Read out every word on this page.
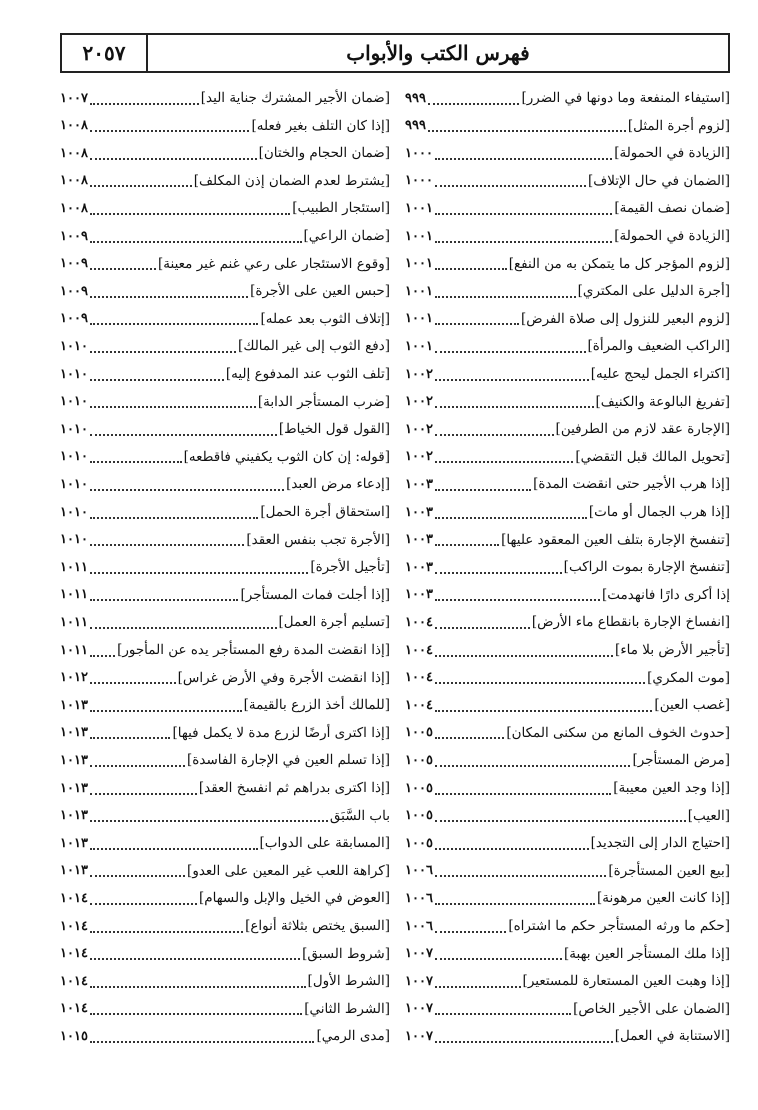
فهرس الكتب والأبواب
٢٠٥٧
[استيفاء المنفعة وما دونها في الضرر]
٩٩٩
[لزوم أجرة المثل]
٩٩٩
[الزيادة في الحمولة]
١٠٠٠
[الضمان في حال الإتلاف]
١٠٠٠
[ضمان نصف القيمة]
١٠٠١
[الزيادة في الحمولة]
١٠٠١
[لزوم المؤجر كل ما يتمكن به من النفع]
١٠٠١
[أجرة الدليل على المكتري]
١٠٠١
[لزوم البعير للنزول إلى صلاة الفرض]
١٠٠١
[الراكب الضعيف والمرأة]
١٠٠١
[اكتراء الجمل ليحج عليه]
١٠٠٢
[تفريغ البالوعة والكنيف]
١٠٠٢
[الإجارة عقد لازم من الطرفين]
١٠٠٢
[تحويل المالك قبل التقضي]
١٠٠٢
[إذا هرب الأجير حتى انقضت المدة]
١٠٠٣
[إذا هرب الجمال أو مات]
١٠٠٣
[تنفسخ الإجارة بتلف العين المعقود عليها]
١٠٠٣
[تنفسخ الإجارة بموت الراكب]
١٠٠٣
إذا أكرى دارًا فانهدمت]
١٠٠٣
[انفساخ الإجارة بانقطاع ماء الأرض]
١٠٠٤
[تأجير الأرض بلا ماء]
١٠٠٤
[موت المكري]
١٠٠٤
[غصب العين]
١٠٠٤
[حدوث الخوف المانع من سكنى المكان]
١٠٠٥
[مرض المستأجر]
١٠٠٥
[إذا وجد العين معيبة]
١٠٠٥
[العيب]
١٠٠٥
[احتياج الدار إلى التجديد]
١٠٠٥
[بيع العين المستأجرة]
١٠٠٦
[إذا كانت العين مرهونة]
١٠٠٦
[حكم ما ورثه المستأجر حكم ما اشتراه]
١٠٠٦
[إذا ملك المستأجر العين بهبة]
١٠٠٧
[إذا وهبت العين المستعارة للمستعير]
١٠٠٧
[الضمان على الأجير الخاص]
١٠٠٧
[الاستنابة في العمل]
١٠٠٧
[ضمان الأجير المشترك جناية اليد]
١٠٠٧
[إذا كان التلف بغير فعله]
١٠٠٨
[ضمان الحجام والختان]
١٠٠٨
[يشترط لعدم الضمان إذن المكلف]
١٠٠٨
[استئجار الطبيب]
١٠٠٨
[ضمان الراعي]
١٠٠٩
[وقوع الاستئجار على رعي غنم غير معينة]
١٠٠٩
[حبس العين على الأجرة]
١٠٠٩
[إتلاف الثوب بعد عمله]
١٠٠٩
[دفع الثوب إلى غير المالك]
١٠١٠
[تلف الثوب عند المدفوع إليه]
١٠١٠
[ضرب المستأجر الدابة]
١٠١٠
[القول قول الخياط]
١٠١٠
[قوله: إن كان الثوب يكفيني فاقطعه]
١٠١٠
[إدعاء مرض العبد]
١٠١٠
[استحقاق أجرة الحمل]
١٠١٠
[الأجرة تجب بنفس العقد]
١٠١٠
[تأجيل الأجرة]
١٠١١
[إذا أجلت فمات المستأجر]
١٠١١
[تسليم أجرة العمل]
١٠١١
[إذا انقضت المدة رفع المستأجر يده عن المأجور]
١٠١١
[إذا انقضت الأجرة وفي الأرض غراس]
١٠١٢
[للمالك أخذ الزرع بالقيمة]
١٠١٣
[إذا اكترى أرضًا لزرع مدة لا يكمل فيها]
١٠١٣
[إذا تسلم العين في الإجارة الفاسدة]
١٠١٣
[إذا اكترى بدراهم ثم انفسخ العقد]
١٠١٣
باب السَّبَق
١٠١٣
[المسابقة على الدواب]
١٠١٣
[كراهة اللعب غير المعين على العدو]
١٠١٣
[العوض في الخيل والإبل والسهام]
١٠١٤
[السبق يختص بثلاثة أنواع]
١٠١٤
[شروط السبق]
١٠١٤
[الشرط الأول]
١٠١٤
[الشرط الثاني]
١٠١٤
[مدى الرمي]
١٠١٥
